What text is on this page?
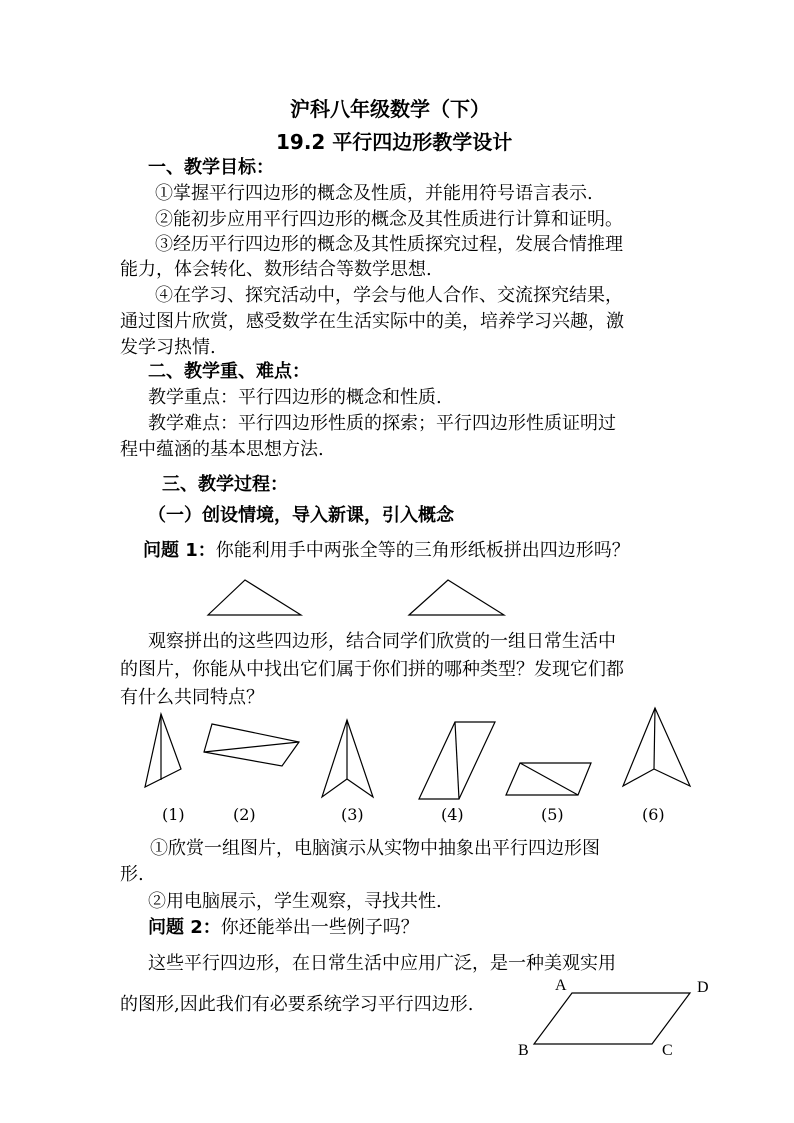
沪科八年级数学（下）
19.2 平行四边形教学设计
一、教学目标：
①掌握平行四边形的概念及性质，并能用符号语言表示.
②能初步应用平行四边形的概念及其性质进行计算和证明。
③经历平行四边形的概念及其性质探究过程，发展合情推理
能力，体会转化、数形结合等数学思想.
④在学习、探究活动中，学会与他人合作、交流探究结果，
通过图片欣赏，感受数学在生活实际中的美，培养学习兴趣，激
发学习热情.
二、教学重、难点：
教学重点：平行四边形的概念和性质.
教学难点：平行四边形性质的探索；平行四边形性质证明过
程中蕴涵的基本思想方法.
三、教学过程：
（一）创设情境，导入新课，引入概念
问题 1：你能利用手中两张全等的三角形纸板拼出四边形吗？
观察拼出的这些四边形，结合同学们欣赏的一组日常生活中
的图片，你能从中找出它们属于你们拼的哪种类型？发现它们都
有什么共同特点？
(1)	(2)	(3)	(4)	(5)	(6)
①欣赏一组图片，电脑演示从实物中抽象出平行四边形图
形.
②用电脑展示，学生观察，寻找共性.
问题 2：你还能举出一些例子吗？
这些平行四边形，在日常生活中应用广泛，是一种美观实用
的图形,因此我们有必要系统学习平行四边形.
A	D
B	C
